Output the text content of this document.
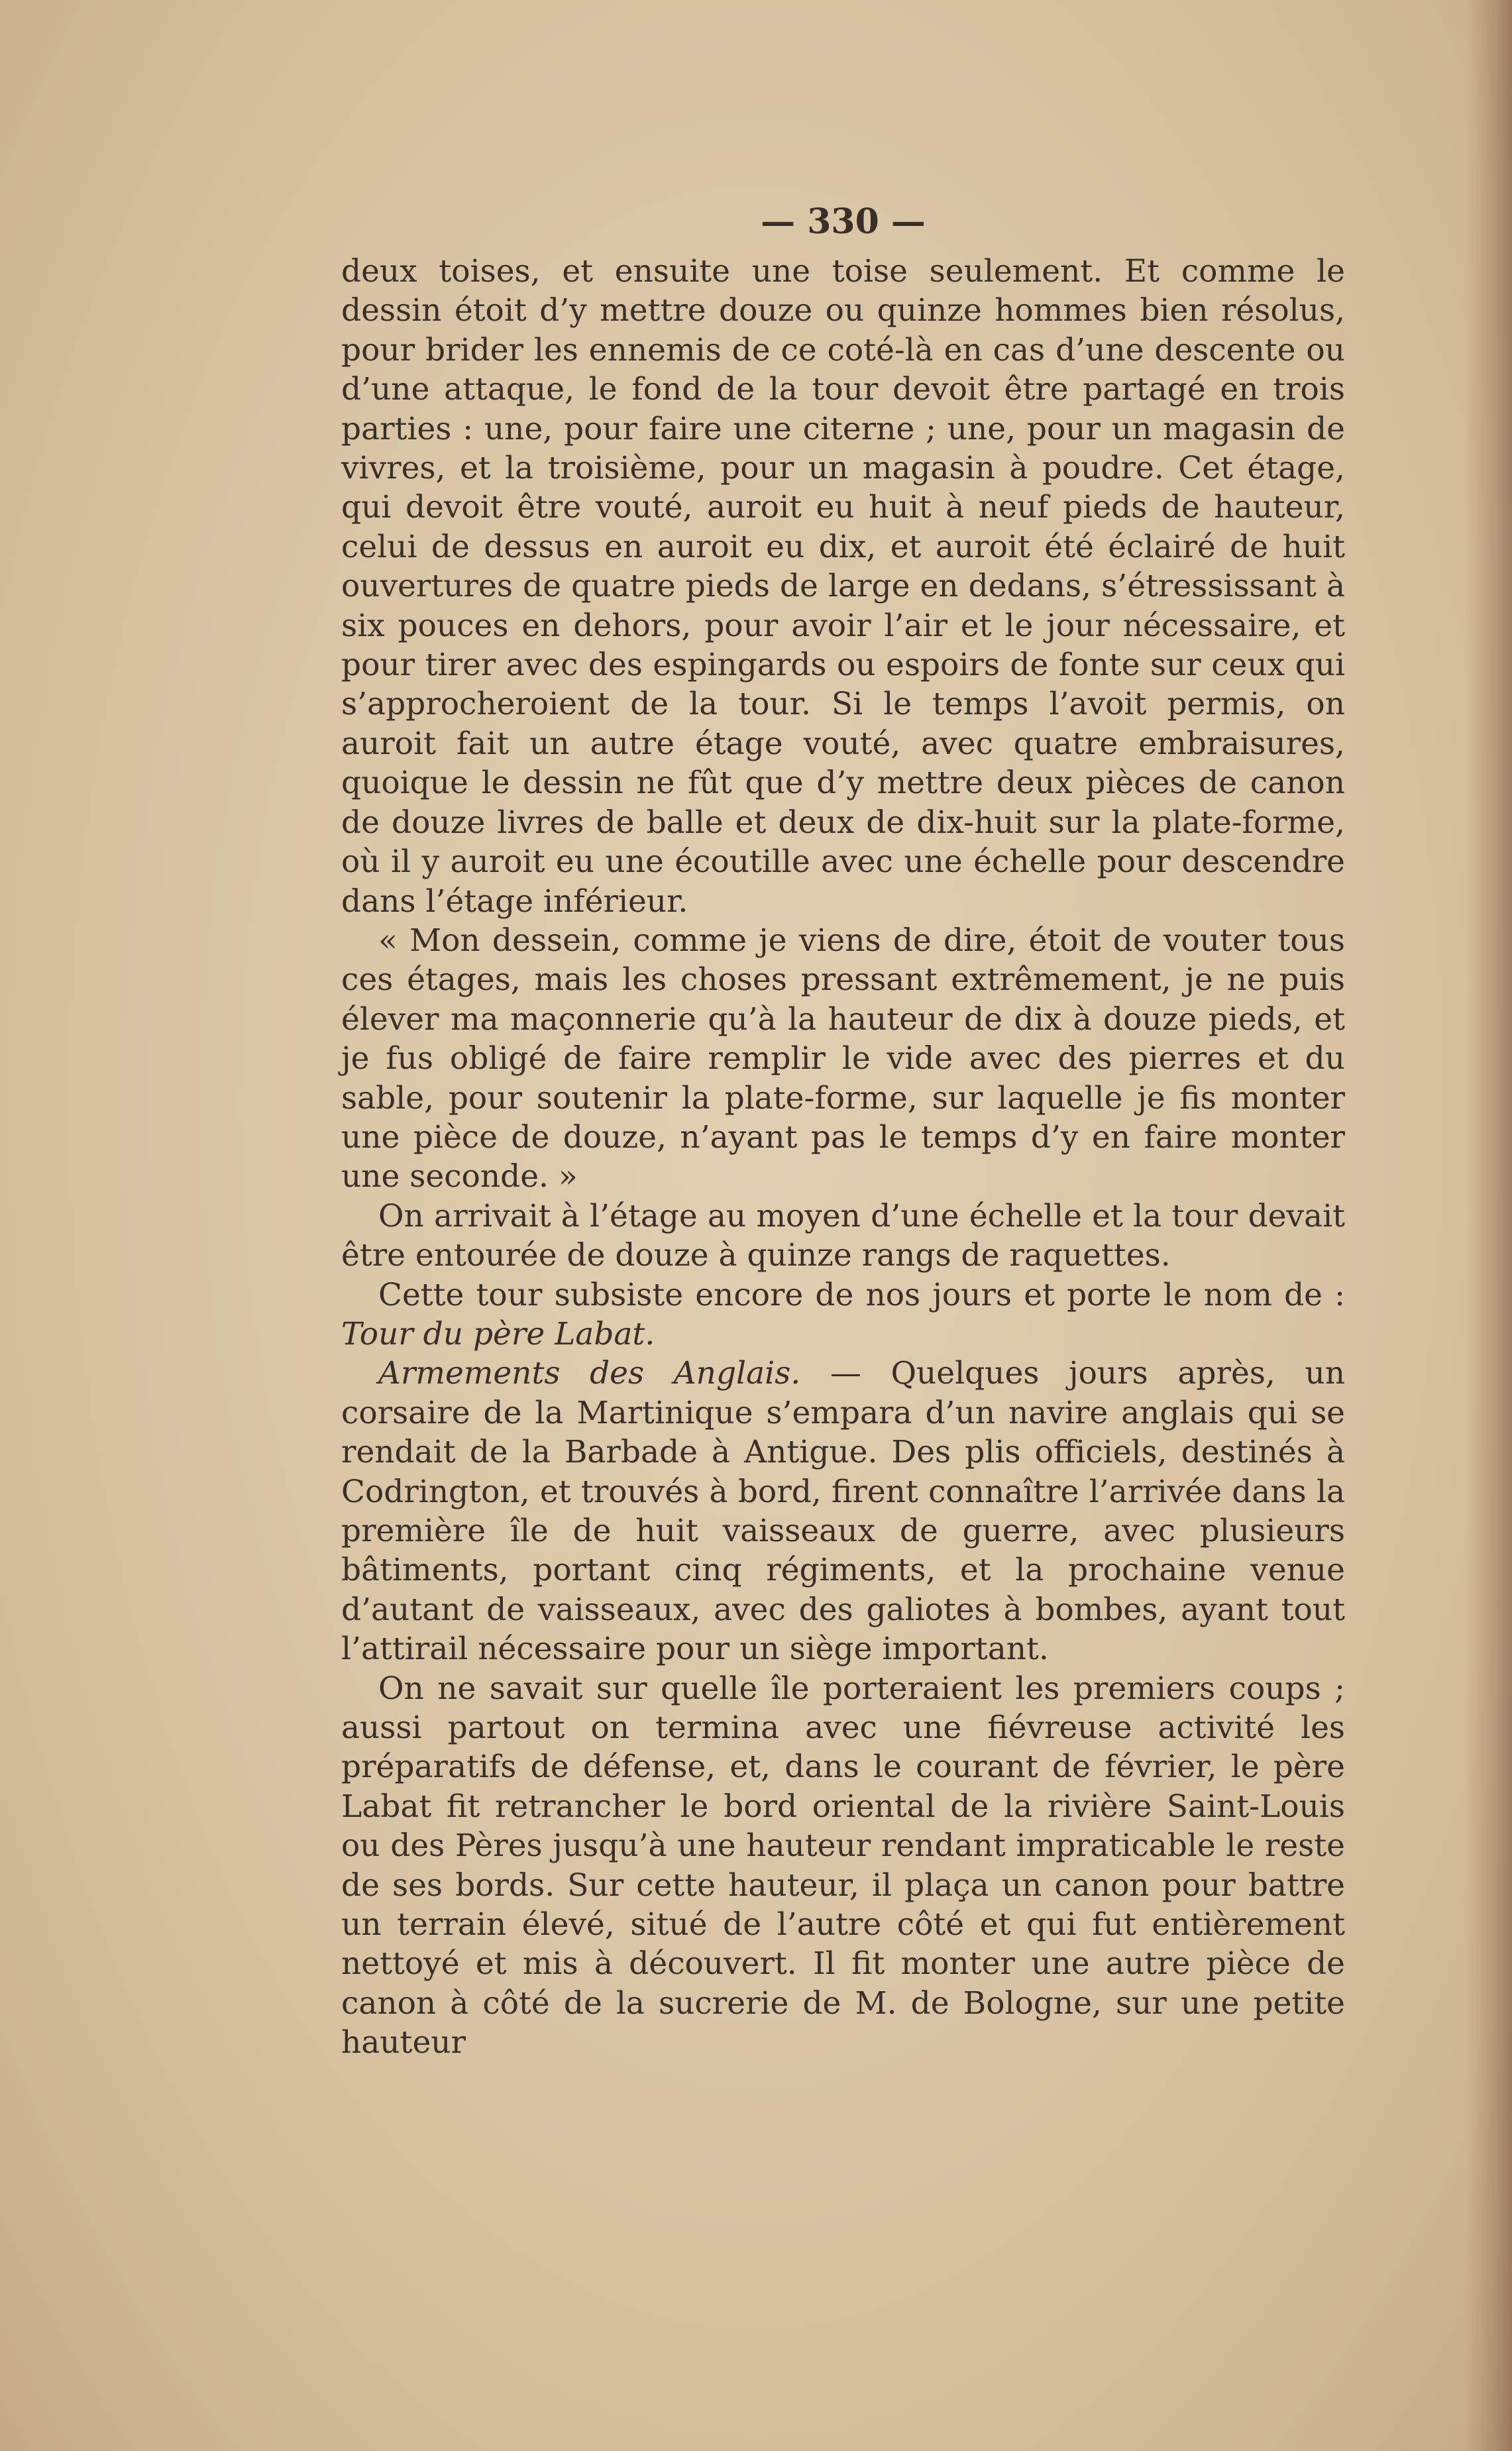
— 330 —

deux toises, et ensuite une toise seulement. Et comme le dessin étoit d’y mettre douze ou quinze hommes bien résolus, pour brider les ennemis de ce coté-là en cas d’une descente ou d’une attaque, le fond de la tour devoit être partagé en trois parties : une, pour faire une citerne ; une, pour un magasin de vivres, et la troisième, pour un magasin à poudre. Cet étage, qui devoit être vouté, auroit eu huit à neuf pieds de hauteur, celui de dessus en auroit eu dix, et auroit été éclairé de huit ouvertures de quatre pieds de large en dedans, s’étressissant à six pouces en dehors, pour avoir l’air et le jour nécessaire, et pour tirer avec des espingards ou espoirs de fonte sur ceux qui s’approcheroient de la tour. Si le temps l’avoit permis, on auroit fait un autre étage vouté, avec quatre embraisures, quoique le dessin ne fût que d’y mettre deux pièces de canon de douze livres de balle et deux de dix-huit sur la plate-forme, où il y auroit eu une écoutille avec une échelle pour descendre dans l’étage inférieur.

« Mon dessein, comme je viens de dire, étoit de vouter tous ces étages, mais les choses pressant extrêmement, je ne puis élever ma maçonnerie qu’à la hauteur de dix à douze pieds, et je fus obligé de faire remplir le vide avec des pierres et du sable, pour soutenir la plate-forme, sur laquelle je fis monter une pièce de douze, n’ayant pas le temps d’y en faire monter une seconde. »

On arrivait à l’étage au moyen d’une échelle et la tour devait être entourée de douze à quinze rangs de raquettes.

Cette tour subsiste encore de nos jours et porte le nom de :

Tour du père Labat.

Armements des Anglais. — Quelques jours après, un corsaire de la Martinique s’empara d’un navire anglais qui se rendait de la Barbade à Antigue. Des plis officiels, destinés à Codrington, et trouvés à bord, firent connaître l’arrivée dans la première île de huit vaisseaux de guerre, avec plusieurs bâtiments, portant cinq régiments, et la prochaine venue d’autant de vaisseaux, avec des galiotes à bombes, ayant tout l’attirail nécessaire pour un siège important.

On ne savait sur quelle île porteraient les premiers coups ; aussi partout on termina avec une fiévreuse activité les préparatifs de défense, et, dans le courant de février, le père Labat fit retrancher le bord oriental de la rivière Saint-Louis ou des Pères jusqu’à une hauteur rendant impraticable le reste de ses bords. Sur cette hauteur, il plaça un canon pour battre un terrain élevé, situé de l’autre côté et qui fut entièrement nettoyé et mis à découvert. Il fit monter une autre pièce de canon à côté de la sucrerie de M. de Bologne, sur une petite hauteur
